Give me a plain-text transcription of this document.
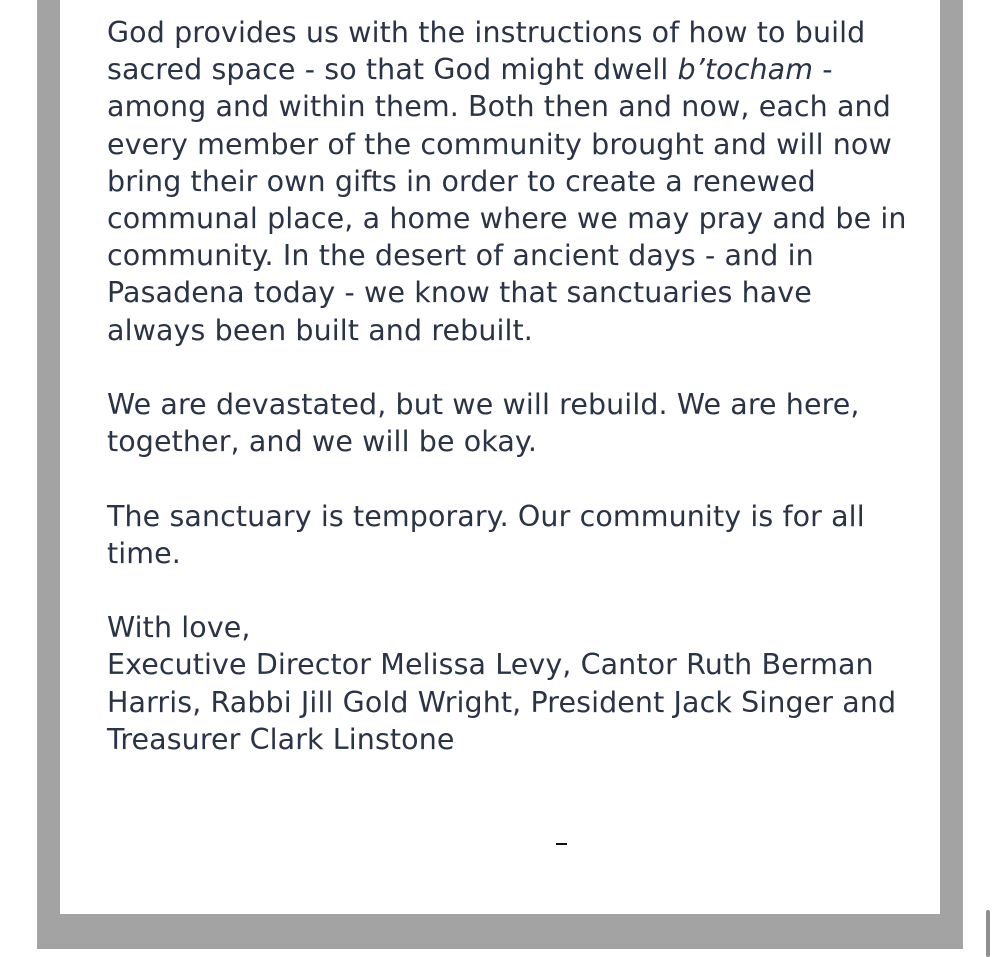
God provides us with the instructions of how to build sacred space - so that God might dwell b’tocham - among and within them. Both then and now, each and every member of the community brought and will now bring their own gifts in order to create a renewed communal place, a home where we may pray and be in community. In the desert of ancient days - and in Pasadena today - we know that sanctuaries have always been built and rebuilt.

We are devastated, but we will rebuild. We are here, together, and we will be okay.

The sanctuary is temporary. Our community is for all time.

With love,
Executive Director Melissa Levy, Cantor Ruth Berman Harris, Rabbi Jill Gold Wright, President Jack Singer and Treasurer Clark Linstone
